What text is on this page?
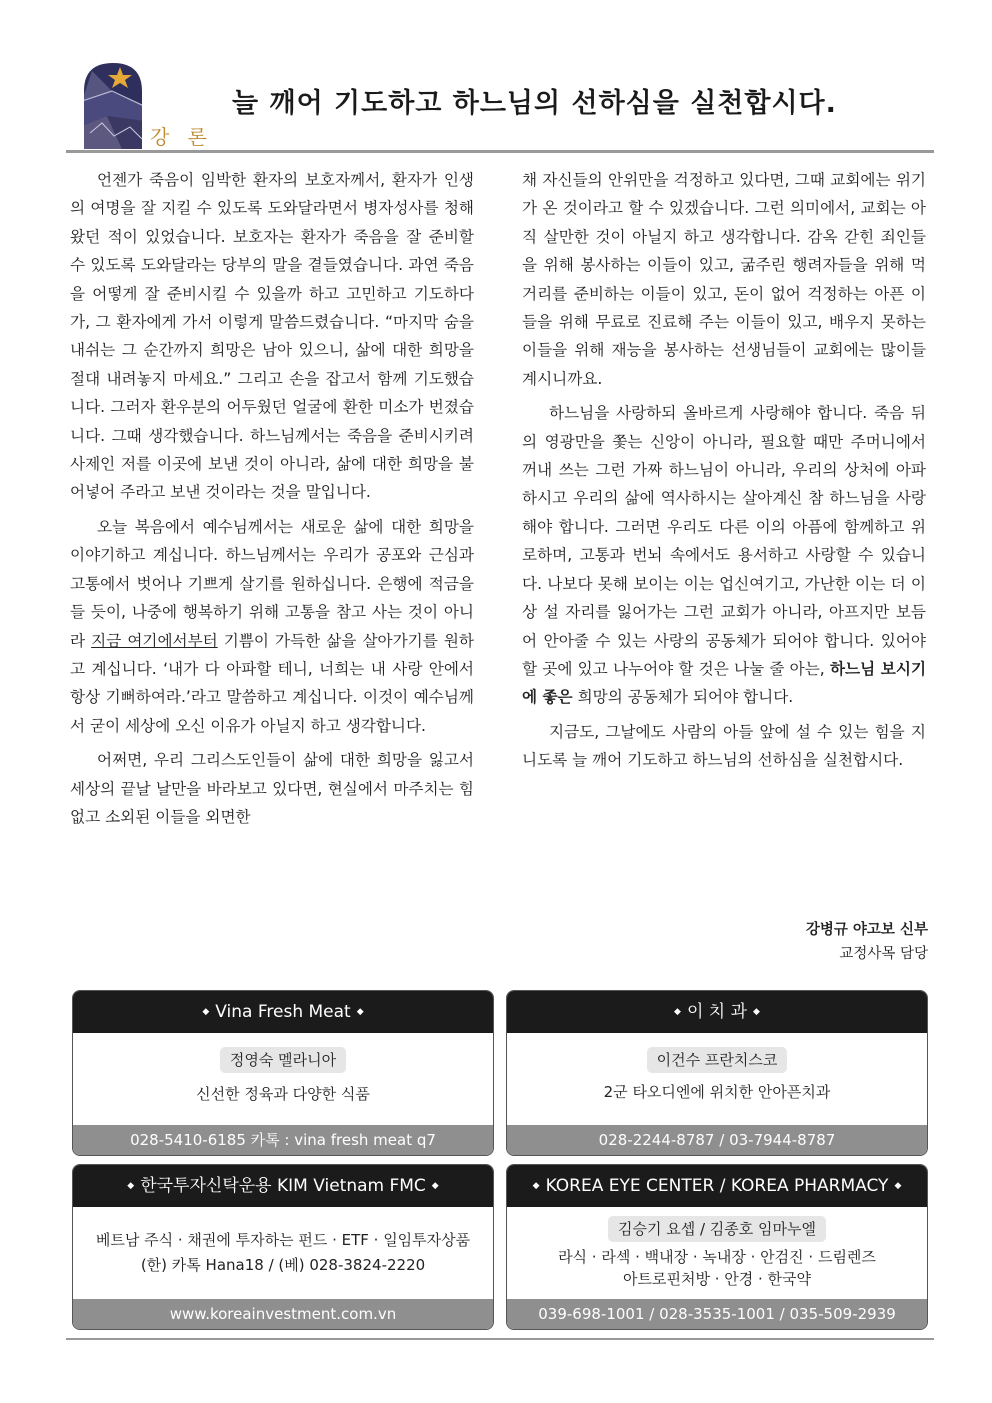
강 론
늘 깨어 기도하고 하느님의 선하심을 실천합시다.

언젠가 죽음이 임박한 환자의 보호자께서, 환자가 인생의 여명을 잘 지킬 수 있도록 도와달라면서 병자성사를 청해왔던 적이 있었습니다. 보호자는 환자가 죽음을 잘 준비할 수 있도록 도와달라는 당부의 말을 곁들였습니다. 과연 죽음을 어떻게 잘 준비시킬 수 있을까 하고 고민하고 기도하다가, 그 환자에게 가서 이렇게 말씀드렸습니다. “마지막 숨을 내쉬는 그 순간까지 희망은 남아 있으니, 삶에 대한 희망을 절대 내려놓지 마세요.” 그리고 손을 잡고서 함께 기도했습니다. 그러자 환우분의 어두웠던 얼굴에 환한 미소가 번졌습니다. 그때 생각했습니다. 하느님께서는 죽음을 준비시키려 사제인 저를 이곳에 보낸 것이 아니라, 삶에 대한 희망을 불어넣어 주라고 보낸 것이라는 것을 말입니다.

오늘 복음에서 예수님께서는 새로운 삶에 대한 희망을 이야기하고 계십니다. 하느님께서는 우리가 공포와 근심과 고통에서 벗어나 기쁘게 살기를 원하십니다. 은행에 적금을 들 듯이, 나중에 행복하기 위해 고통을 참고 사는 것이 아니라 지금 여기에서부터 기쁨이 가득한 삶을 살아가기를 원하고 계십니다. ‘내가 다 아파할 테니, 너희는 내 사랑 안에서 항상 기뻐하여라.’라고 말씀하고 계십니다. 이것이 예수님께서 굳이 세상에 오신 이유가 아닐지 하고 생각합니다.

어쩌면, 우리 그리스도인들이 삶에 대한 희망을 잃고서 세상의 끝날 날만을 바라보고 있다면, 현실에서 마주치는 힘없고 소외된 이들을 외면한

채 자신들의 안위만을 걱정하고 있다면, 그때 교회에는 위기가 온 것이라고 할 수 있겠습니다. 그런 의미에서, 교회는 아직 살만한 것이 아닐지 하고 생각합니다. 감옥 갇힌 죄인들을 위해 봉사하는 이들이 있고, 굶주린 행려자들을 위해 먹거리를 준비하는 이들이 있고, 돈이 없어 걱정하는 아픈 이들을 위해 무료로 진료해 주는 이들이 있고, 배우지 못하는 이들을 위해 재능을 봉사하는 선생님들이 교회에는 많이들 계시니까요.

하느님을 사랑하되 올바르게 사랑해야 합니다. 죽음 뒤의 영광만을 쫓는 신앙이 아니라, 필요할 때만 주머니에서 꺼내 쓰는 그런 가짜 하느님이 아니라, 우리의 상처에 아파하시고 우리의 삶에 역사하시는 살아계신 참 하느님을 사랑해야 합니다. 그러면 우리도 다른 이의 아픔에 함께하고 위로하며, 고통과 번뇌 속에서도 용서하고 사랑할 수 있습니다. 나보다 못해 보이는 이는 업신여기고, 가난한 이는 더 이상 설 자리를 잃어가는 그런 교회가 아니라, 아프지만 보듬어 안아줄 수 있는 사랑의 공동체가 되어야 합니다. 있어야 할 곳에 있고 나누어야 할 것은 나눌 줄 아는, 하느님 보시기에 좋은 희망의 공동체가 되어야 합니다.

지금도, 그날에도 사람의 아들 앞에 설 수 있는 힘을 지니도록 늘 깨어 기도하고 하느님의 선하심을 실천합시다.

강병규 야고보 신부
교정사목 담당
◆ Vina Fresh Meat ◆
정영숙 멜라니아
신선한 정육과 다양한 식품
028-5410-6185 카톡 : vina fresh meat q7
◆ 이 치 과 ◆
이건수 프란치스코
2군 타오디엔에 위치한 안아픈치과
028-2244-8787 / 03-7944-8787
◆ 한국투자신탁운용 KIM Vietnam FMC ◆
베트남 주식 · 채권에 투자하는 펀드 · ETF · 일임투자상품
(한) 카톡 Hana18 / (베) 028-3824-2220
www.koreainvestment.com.vn
◆ KOREA EYE CENTER / KOREA PHARMACY ◆
김승기 요셉 / 김종호 임마누엘
라식 · 라섹 · 백내장 · 녹내장 · 안검진 · 드림렌즈
아트로핀처방 · 안경 · 한국약
039-698-1001 / 028-3535-1001 / 035-509-2939
